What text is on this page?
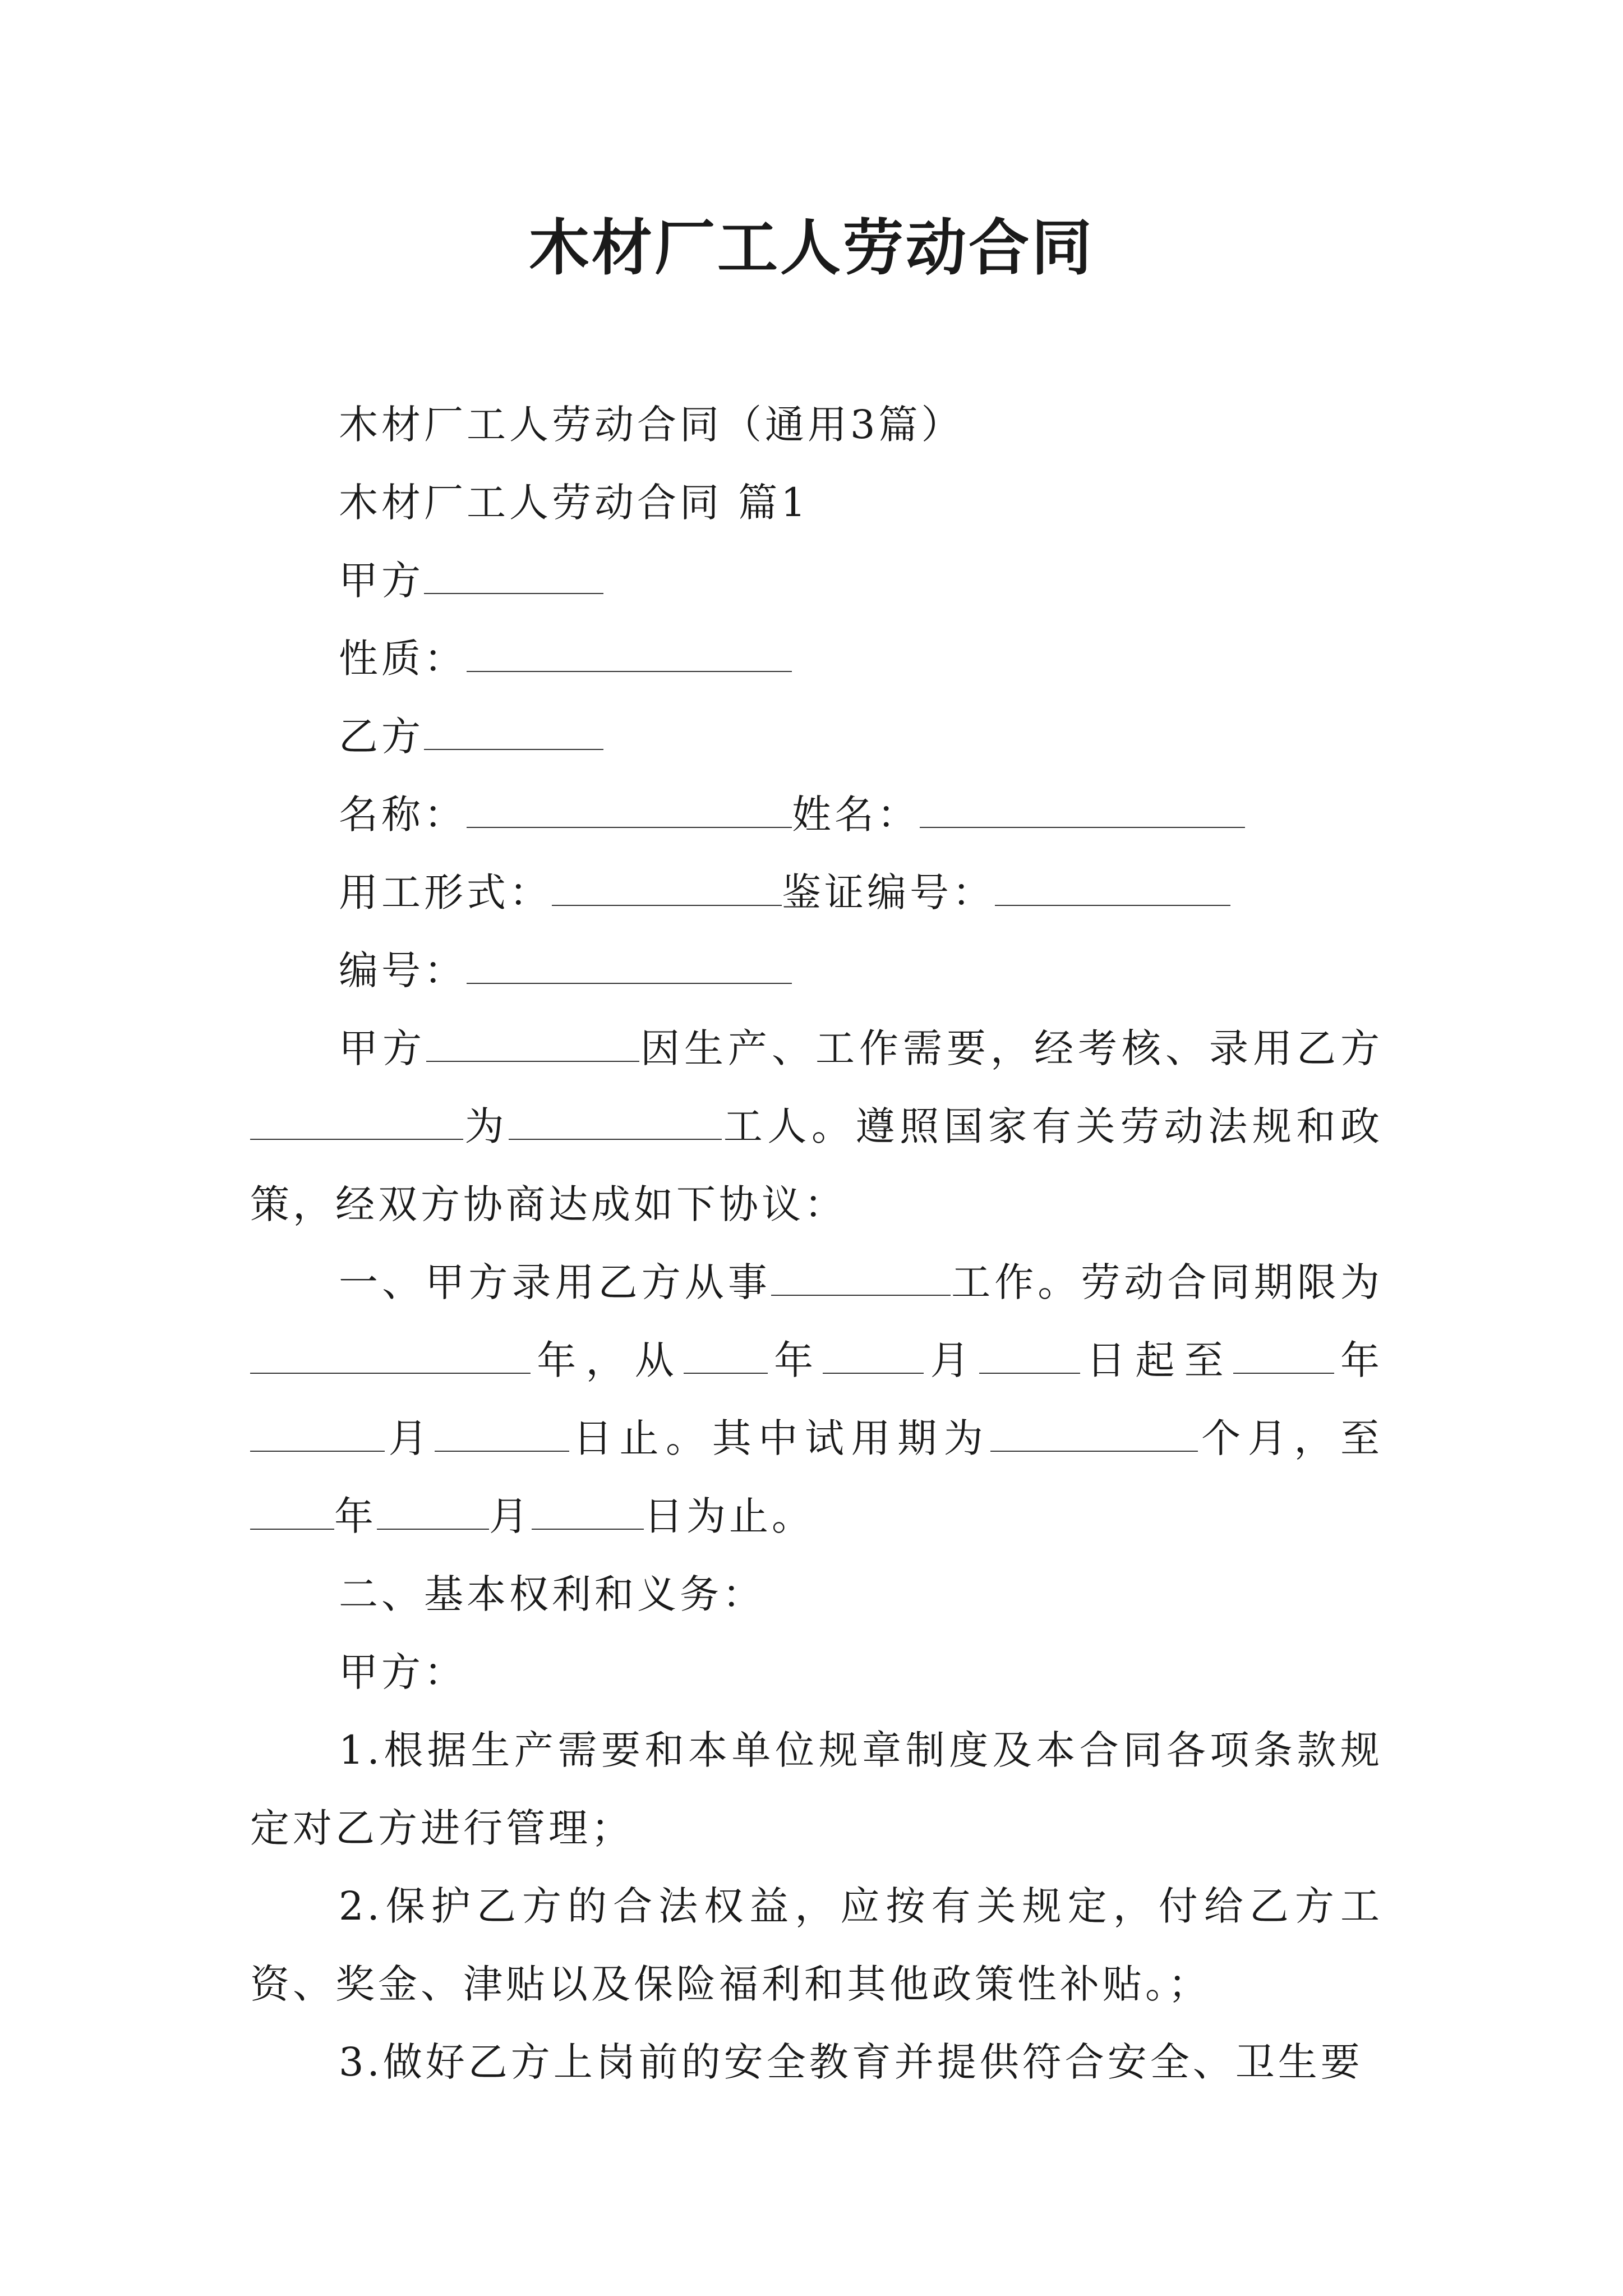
木材厂工人劳动合同

木材厂工人劳动合同（通用3篇）

木材厂工人劳动合同 篇1

甲方

性质：

乙方

名称：	姓名：

用工形式：	鉴证编号：

编号：

甲方	因生产、工作需要，经考核、录用乙方为	工人。遵照国家有关劳动法规和政策，经双方协商达成如下协议：

一、甲方录用乙方从事	工作。劳动合同期限为年，从 年	月	日起至	年月	日止。其中试用期为	个月，至年	月	日为止。

二、基本权利和义务：

甲方：

1.根据生产需要和本单位规章制度及本合同各项条款规定对乙方进行管理；

2.保护乙方的合法权益，应按有关规定，付给乙方工资、奖金、津贴以及保险福利和其他政策性补贴。；

3.做好乙方上岗前的安全教育并提供符合安全、卫生要
